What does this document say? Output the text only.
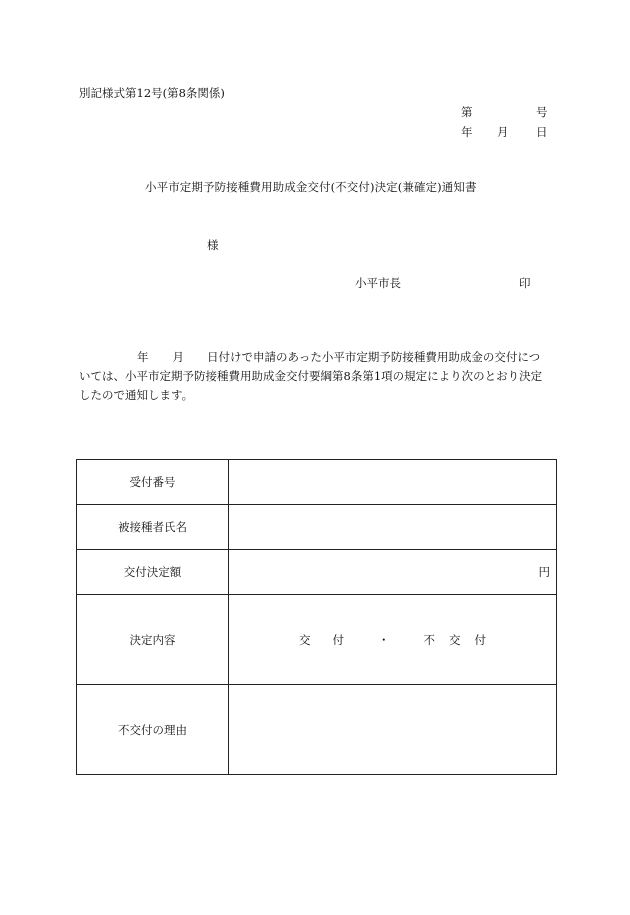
別記様式第12号(第8条関係)
第	号
年 月 日
小平市定期予防接種費用助成金交付(不交付)決定(兼確定)通知書
様
小平市長	印
年 月 日付けで申請のあった小平市定期予防接種費用助成金の交付につ
いては、小平市定期予防接種費用助成金交付要綱第8条第1項の規定により次のとおり決定
したので通知します。
受付番号	
被接種者氏名	
交付決定額	円
決定内容	交 付 ・ 不 交 付
不交付の理由	
